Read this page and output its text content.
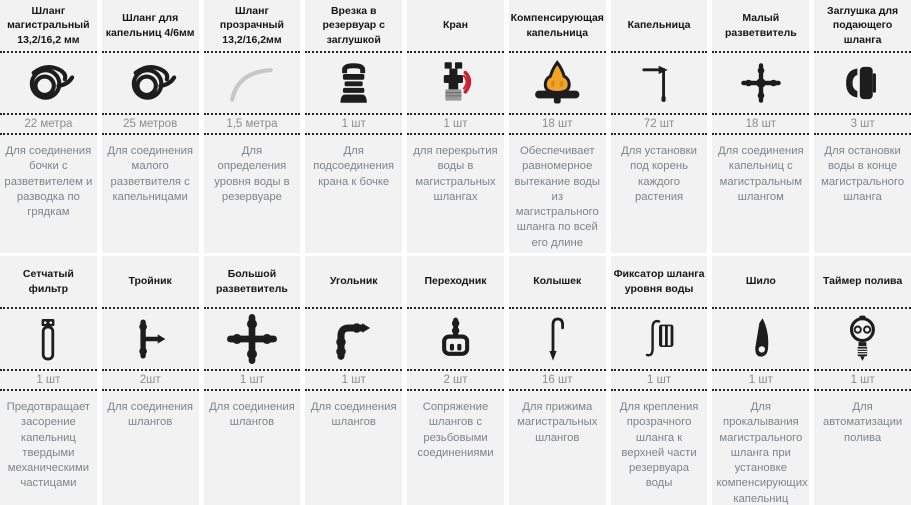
Шланг магистральный 13,2/16,2 мм
22 метра
Для соединения бочки с разветвителем и разводка по грядкам
Шланг для капельниц 4/6мм
25 метров
Для соединения малого разветвителя с капельницами
Шланг прозрачный 13,2/16,2мм
1,5 метра
Для определения уровня воды в резервуаре
Врезка в резервуар с заглушкой
1 шт
Для подсоединения крана к бочке
Кран
1 шт
для перекрытия воды в магистральных шлангах
Компенсирующая капельница
18 шт
Обеспечивает равномерное вытекание воды из магистрального шланга по всей его длине
Капельница
72 шт
Для установки под корень каждого растения
Малый разветвитель
18 шт
Для соединения капельниц с магистральным шлангом
Заглушка для подающего шланга
3 шт
Для остановки воды в конце магистрального шланга
Сетчатый фильтр
1 шт
Предотвращает засорение капельниц твердыми механическими частицами
Тройник
2шт
Для соединения шлангов
Большой разветвитель
1 шт
Для соединения шлангов
Угольник
1 шт
Для соединения шлангов
Переходник
2 шт
Сопряжение шлангов с резьбовыми соединениями
Колышек
16 шт
Для прижима магистральных шлангов
Фиксатор шланга уровня воды
1 шт
Для крепления прозрачного шланга к верхней части резервуара воды
Шило
1 шт
Для прокалывания магистрального шланга при установке компенсирующих капельниц
Таймер полива
1 шт
Для автоматизации полива
